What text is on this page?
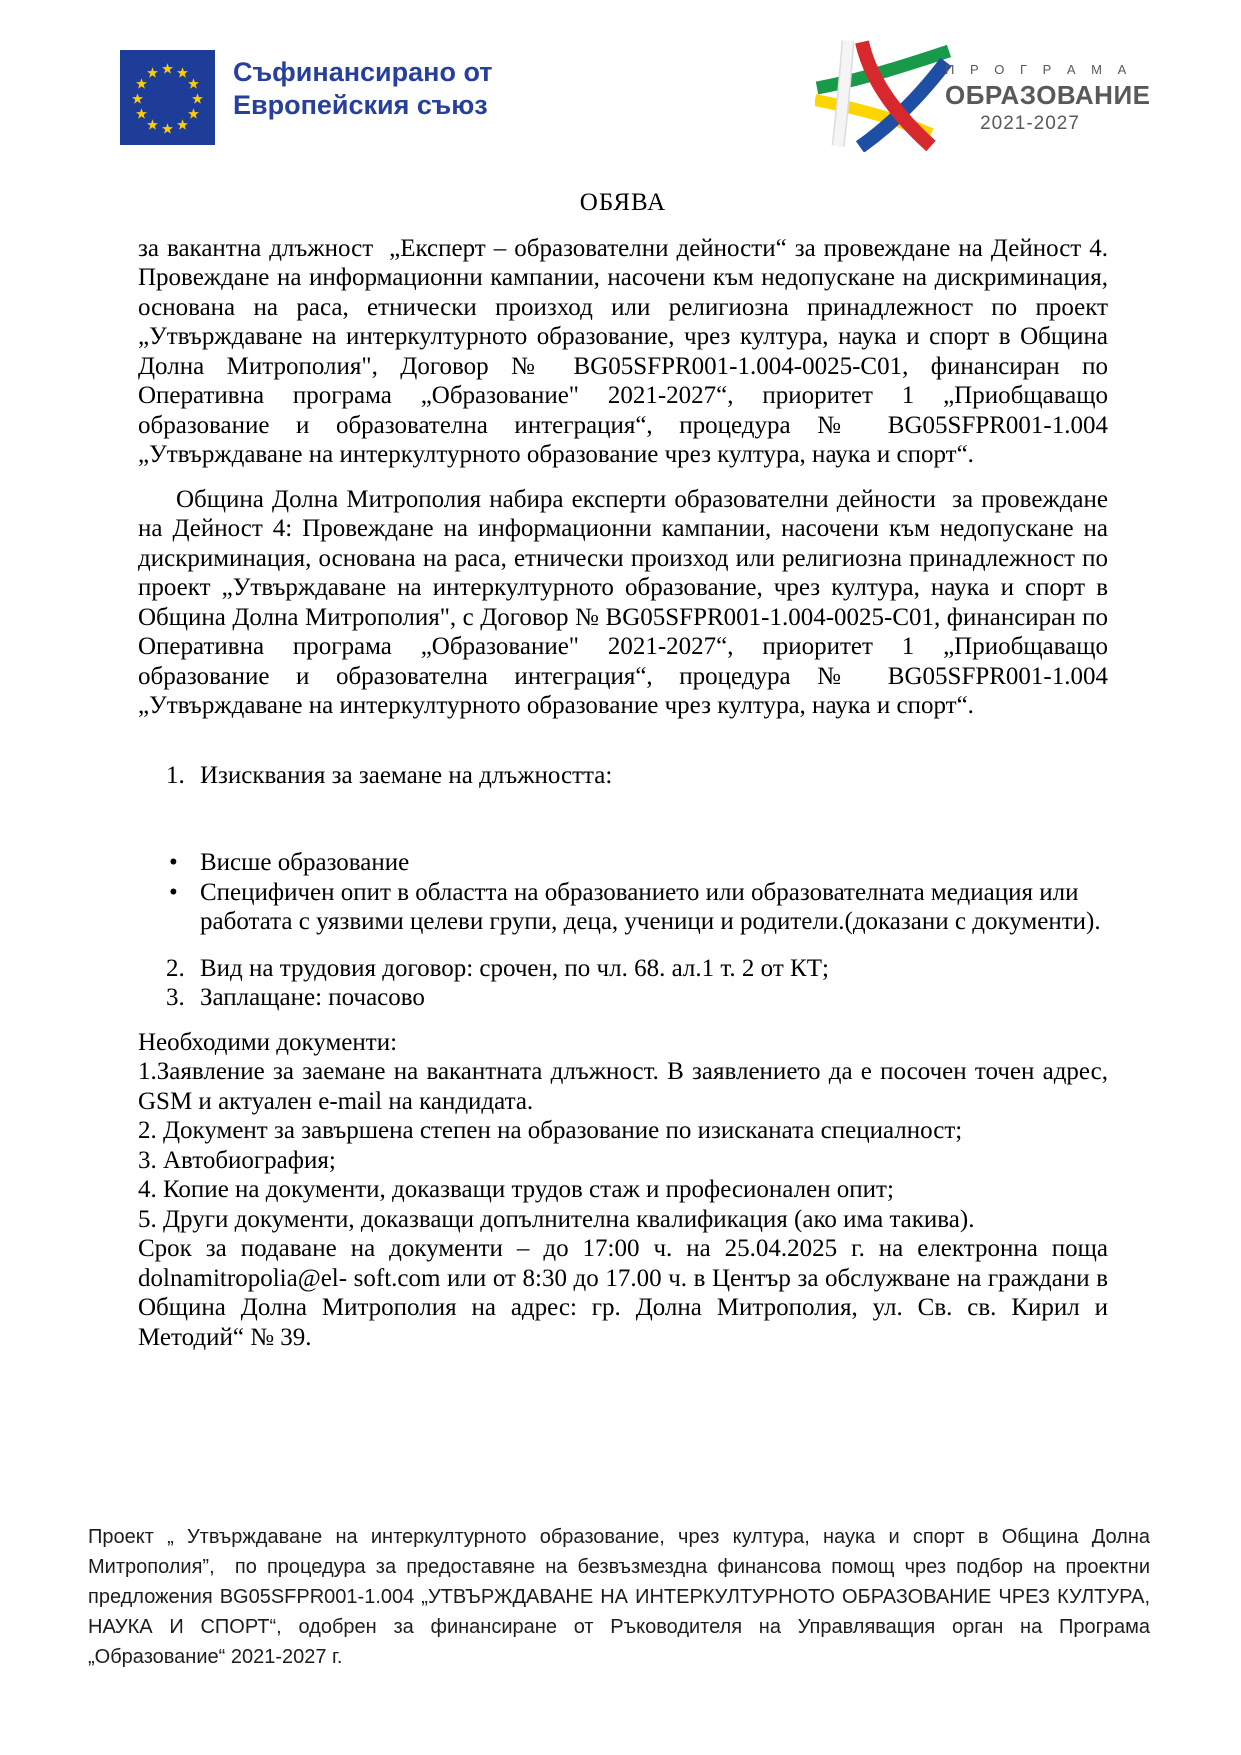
Съфинансирано от
Европейския съюз
П Р О Г Р А М А
ОБРАЗОВАНИЕ
2021-2027
ОБЯВА

за вакантна длъжност  „Експерт – образователни дейности“ за провеждане на Дейност 4. Провеждане на информационни кампании, насочени към недопускане на дискриминация, основана на раса, етнически произход или религиозна принадлежност по проект „Утвърждаване на интеркултурното образование, чрез култура, наука и спорт в Община Долна Митрополия", Договор № BG05SFPR001-1.004-0025-C01, финансиран по Оперативна програма „Образование" 2021-2027“, приоритет 1 „Приобщаващо образование и образователна интеграция“, процедура № BG05SFPR001-1.004 „Утвърждаване на интеркултурното образование чрез култура, наука и спорт“.

Община Долна Митрополия набира експерти образователни дейности  за провеждане  на Дейност 4: Провеждане на информационни кампании, насочени към недопускане на дискриминация, основана на раса, етнически произход или религиозна принадлежност по проект „Утвърждаване на интеркултурното образование, чрез култура, наука и спорт в Община Долна Митрополия", с Договор № BG05SFPR001-1.004-0025-C01, финансиран по Оперативна програма „Образование" 2021-2027“, приоритет 1 „Приобщаващо образование и образователна интеграция“, процедура № BG05SFPR001-1.004 „Утвърждаване на интеркултурното образование чрез култура, наука и спорт“.

1. Изисквания за заемане на длъжността:
• Висше образование
• Специфичен опит в областта на образованието или образователната медиация или работата с уязвими целеви групи, деца, ученици и родители.(доказани с документи).
2. Вид на трудовия договор: срочен, по чл. 68. ал.1 т. 2 от КТ;
3. Заплащане: почасово

Необходими документи:

1.Заявление за заемане на вакантната длъжност. В заявлението да е посочен точен адрес, GSM и актуален e-mail на кандидата.

2. Документ за завършена степен на образование по изисканата специалност;

3. Автобиография;

4. Копие на документи, доказващи трудов стаж и професионален опит;

5. Други документи, доказващи допълнителна квалификация (ако има такива).

Срок за подаване на документи – до 17:00 ч. на 25.04.2025 г. на електронна поща dolnamitropolia@el- soft.com или от 8:30 до 17.00 ч. в Център за обслужване на граждани в Община Долна Митрополия на адрес: гр. Долна Митрополия, ул. Св. св. Кирил и Методий“ № 39.

Проект „ Утвърждаване на интеркултурното образование, чрез култура, наука и спорт в Община Долна Митрополия”,  по процедура за предоставяне на безвъзмездна финансова помощ чрез подбор на проектни предложения BG05SFPR001-1.004 „УТВЪРЖДАВАНЕ НА ИНТЕРКУЛТУРНОТО ОБРАЗОВАНИЕ ЧРЕЗ КУЛТУРА, НАУКА И СПОРТ“, одобрен за финансиране от Ръководителя на Управляващия орган на Програма „Образование“ 2021-2027 г.
